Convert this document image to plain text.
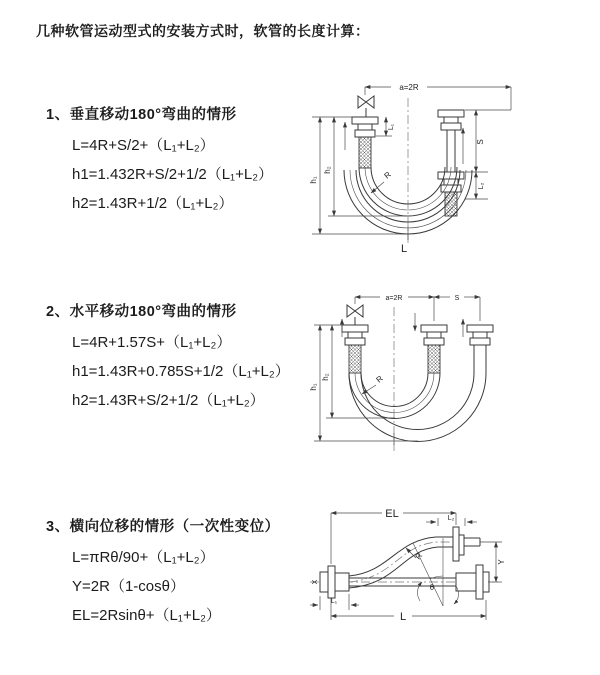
几种软管运动型式的安装方式时，软管的长度计算：
1、垂直移动180°弯曲的情形
L=4R+S/2+（L₁+L₂）
h1=1.432R+S/2+1/2（L₁+L₂）
h2=1.43R+1/2（L₁+L₂）
a=2R
h₁
h₂
L₁
S
L₂
R
L
2、水平移动180°弯曲的情形
L=4R+1.57S+（L₁+L₂）
h1=1.43R+0.785S+1/2（L₁+L₂）
h2=1.43R+S/2+1/2（L₁+L₂）
a=2R	S
h₁
h₂	R
3、横向位移的情形（一次性变位）
L=πRθ/90+（L₁+L₂）
Y=2R（1-cosθ）
EL=2Rsinθ+（L₁+L₂）
X
EL	L₂
L₁
L
Y
θ
R
